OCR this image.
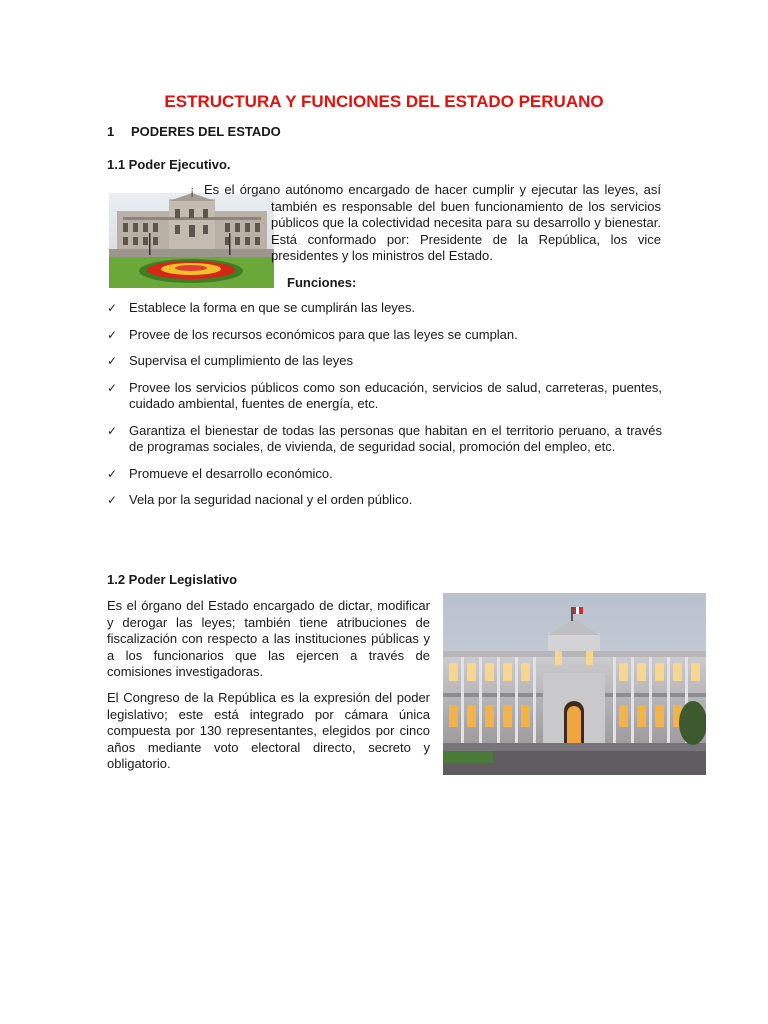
ESTRUCTURA Y FUNCIONES DEL ESTADO PERUANO
1 PODERES DEL ESTADO
1.1 Poder Ejecutivo.
¡ Es el órgano autónomo encargado de hacer cumplir y ejecutar las leyes, así también es responsable del buen funcionamiento de los servicios públicos que la colectividad necesita para su desarrollo y bienestar. Está conformado por: Presidente de la República, los vice presidentes y los ministros del Estado.
Funciones:
✓ Establece la forma en que se cumplirán las leyes.
✓ Provee de los recursos económicos para que las leyes se cumplan.
✓ Supervisa el cumplimiento de las leyes
✓ Provee los servicios públicos como son educación, servicios de salud, carreteras, puentes, cuidado ambiental, fuentes de energía, etc.
✓ Garantiza el bienestar de todas las personas que habitan en el territorio peruano, a través de programas sociales, de vivienda, de seguridad social, promoción del empleo, etc.
✓ Promueve el desarrollo económico.
✓ Vela por la seguridad nacional y el orden público.
1.2 Poder Legislativo
Es el órgano del Estado encargado de dictar, modificar y derogar las leyes; también tiene atribuciones de fiscalización con respecto a las instituciones públicas y a los funcionarios que las ejercen a través de comisiones investigadoras.
El Congreso de la República es la expresión del poder legislativo; este está integrado por cámara única compuesta por 130 representantes, elegidos por cinco años mediante voto electoral directo, secreto y obligatorio.
